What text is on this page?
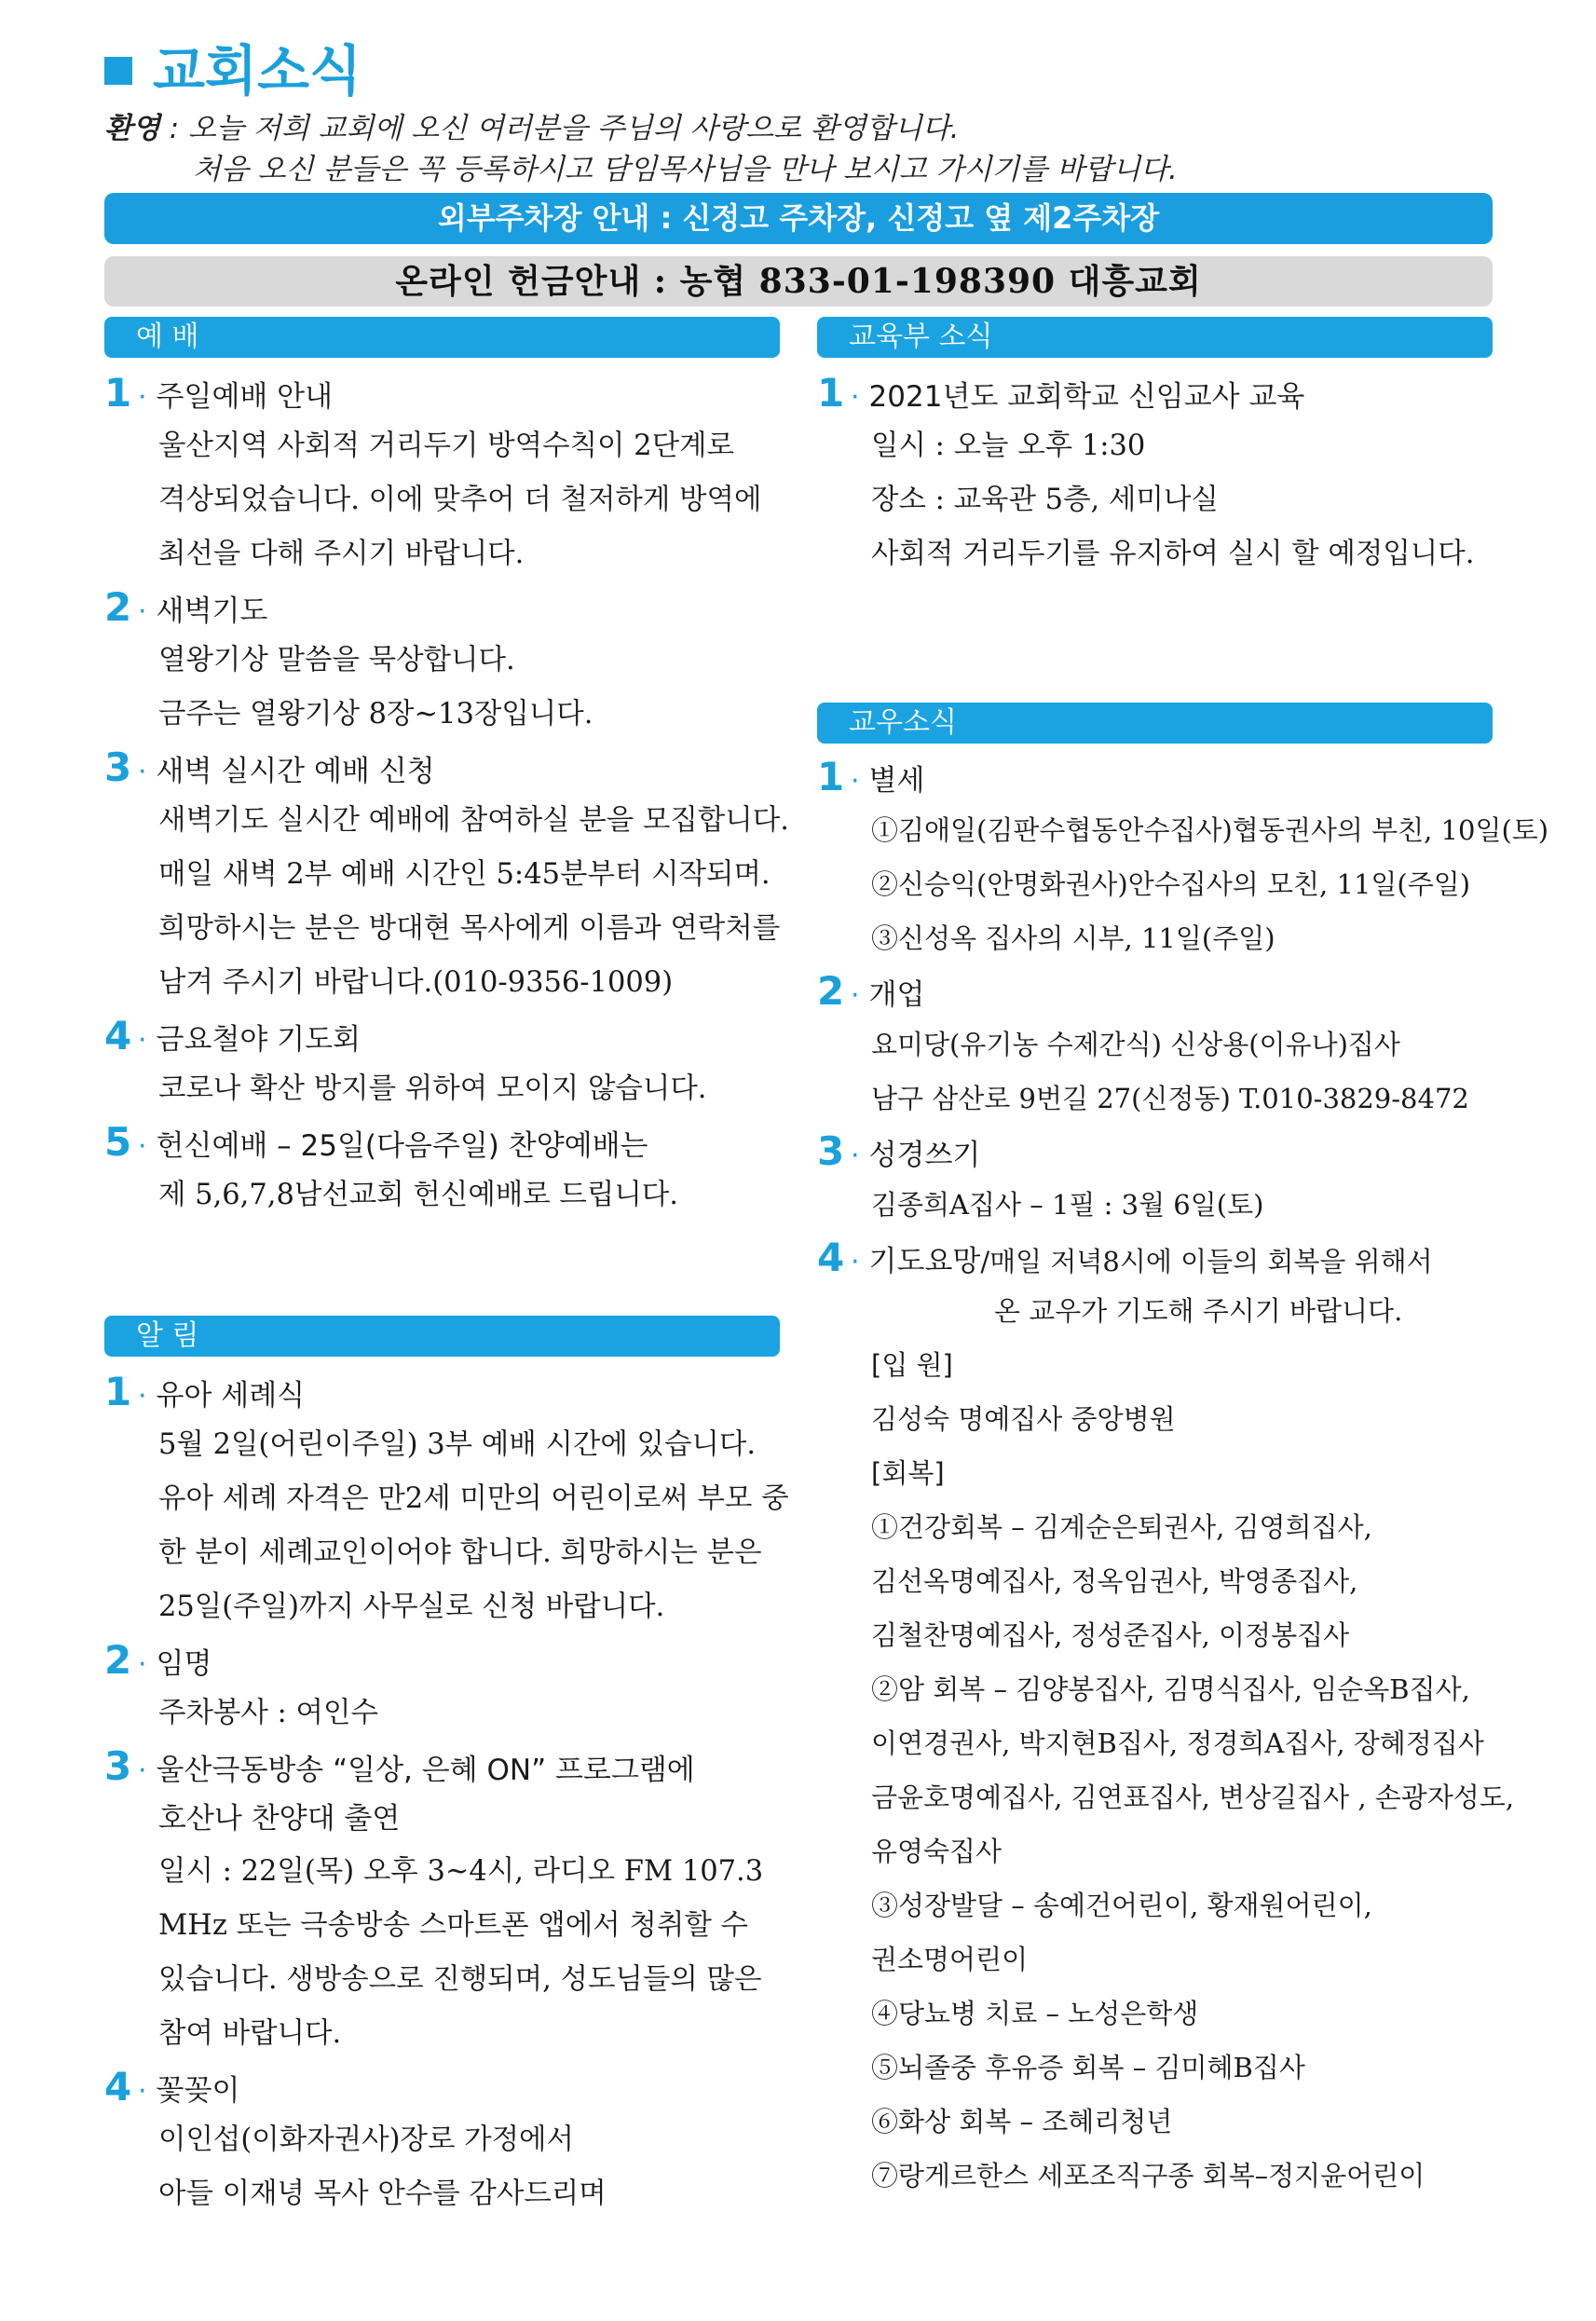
교회소식
환영 : 오늘 저희 교회에 오신 여러분을 주님의 사랑으로 환영합니다.
처음 오신 분들은 꼭 등록하시고 담임목사님을 만나 보시고 가시기를 바랍니다.
외부주차장 안내 : 신정고 주차장, 신정고 옆 제2주차장
온라인 헌금안내 : 농협 833-01-198390 대흥교회
예 배
1 · 주일예배 안내
울산지역 사회적 거리두기 방역수칙이 2단계로
격상되었습니다. 이에 맞추어 더 철저하게 방역에
최선을 다해 주시기 바랍니다.
2 · 새벽기도
열왕기상 말씀을 묵상합니다.
금주는 열왕기상 8장~13장입니다.
3 · 새벽 실시간 예배 신청
새벽기도 실시간 예배에 참여하실 분을 모집합니다.
매일 새벽 2부 예배 시간인 5:45분부터 시작되며.
희망하시는 분은 방대현 목사에게 이름과 연락처를
남겨 주시기 바랍니다.(010-9356-1009)
4 · 금요철야 기도회
코로나 확산 방지를 위하여 모이지 않습니다.
5 · 헌신예배 – 25일(다음주일) 찬양예배는
제 5,6,7,8남선교회 헌신예배로 드립니다.
알 림
1 · 유아 세례식
5월 2일(어린이주일) 3부 예배 시간에 있습니다.
유아 세례 자격은 만2세 미만의 어린이로써 부모 중
한 분이 세례교인이어야 합니다. 희망하시는 분은
25일(주일)까지 사무실로 신청 바랍니다.
2 · 임명
주차봉사 : 여인수
3 · 울산극동방송 “일상, 은혜 ON” 프로그램에
호산나 찬양대 출연
일시 : 22일(목) 오후 3~4시, 라디오 FM 107.3
MHz 또는 극송방송 스마트폰 앱에서 청취할 수
있습니다. 생방송으로 진행되며, 성도님들의 많은
참여 바랍니다.
4 · 꽃꽂이
이인섭(이화자권사)장로 가정에서
아들 이재녕 목사 안수를 감사드리며
교육부 소식
1 · 2021년도 교회학교 신임교사 교육
일시 : 오늘 오후 1:30
장소 : 교육관 5층, 세미나실
사회적 거리두기를 유지하여 실시 할 예정입니다.
교우소식
1 · 별세
①김애일(김판수협동안수집사)협동권사의 부친, 10일(토)
②신승익(안명화권사)안수집사의 모친, 11일(주일)
③신성옥 집사의 시부, 11일(주일)
2 · 개업
요미당(유기농 수제간식) 신상용(이유나)집사
남구 삼산로 9번길 27(신정동) T.010-3829-8472
3 · 성경쓰기
김종희A집사 – 1필 : 3월 6일(토)
4 · 기도요망 /매일 저녁8시에 이들의 회복을 위해서
온 교우가 기도해 주시기 바랍니다.
[입 원]
김성숙 명예집사 중앙병원
[회복]
①건강회복 – 김계순은퇴권사, 김영희집사,
김선옥명예집사, 정옥임권사, 박영종집사,
김철찬명예집사, 정성준집사, 이정봉집사
②암 회복 – 김양봉집사, 김명식집사, 임순옥B집사,
이연경권사, 박지현B집사, 정경희A집사, 장혜정집사
금윤호명예집사, 김연표집사, 변상길집사 , 손광자성도,
유영숙집사
③성장발달 – 송예건어린이, 황재원어린이,
권소명어린이
④당뇨병 치료 – 노성은학생
⑤뇌졸중 후유증 회복 – 김미혜B집사
⑥화상 회복 – 조혜리청년
⑦랑게르한스 세포조직구종 회복–정지윤어린이
